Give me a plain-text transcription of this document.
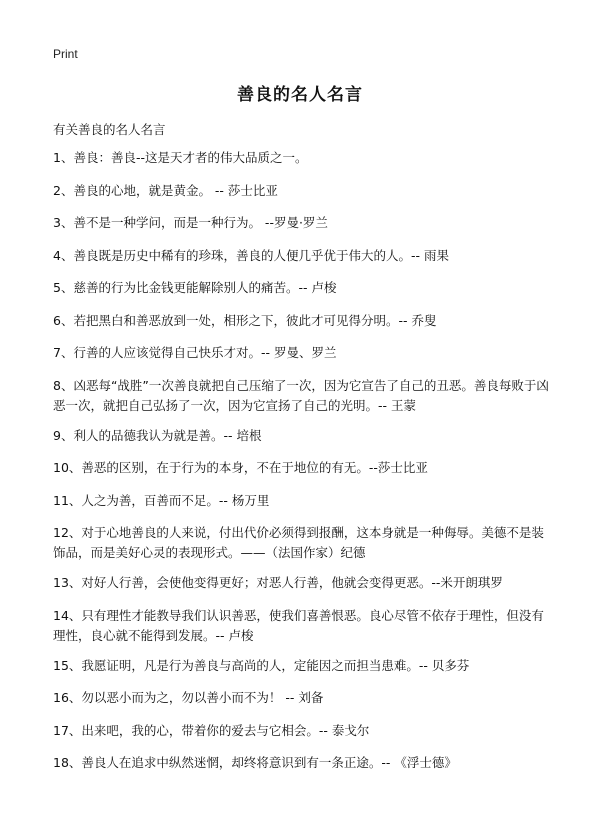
Print
善良的名人名言
有关善良的名人名言
1、善良：善良--这是天才者的伟大品质之一。
2、善良的心地，就是黄金。 -- 莎士比亚
3、善不是一种学问，而是一种行为。 --罗曼·罗兰
4、善良既是历史中稀有的珍珠，善良的人便几乎优于伟大的人。-- 雨果
5、慈善的行为比金钱更能解除别人的痛苦。-- 卢梭
6、若把黑白和善恶放到一处，相形之下，彼此才可见得分明。-- 乔叟
7、行善的人应该觉得自己快乐才对。-- 罗曼、罗兰
8、凶恶每“战胜”一次善良就把自己压缩了一次，因为它宣告了自己的丑恶。善良每败于凶恶一次，就把自己弘扬了一次，因为它宣扬了自己的光明。-- 王蒙
9、利人的品德我认为就是善。-- 培根
10、善恶的区别，在于行为的本身，不在于地位的有无。--莎士比亚
11、人之为善，百善而不足。-- 杨万里
12、对于心地善良的人来说，付出代价必须得到报酬，这本身就是一种侮辱。美德不是装饰品，而是美好心灵的表现形式。——（法国作家）纪德
13、对好人行善，会使他变得更好；对恶人行善，他就会变得更恶。--米开朗琪罗
14、只有理性才能教导我们认识善恶，使我们喜善恨恶。良心尽管不依存于理性，但没有理性，良心就不能得到发展。-- 卢梭
15、我愿证明，凡是行为善良与高尚的人，定能因之而担当患难。-- 贝多芬
16、勿以恶小而为之，勿以善小而不为！ -- 刘备
17、出来吧，我的心，带着你的爱去与它相会。-- 泰戈尔
18、善良人在追求中纵然迷惘，却终将意识到有一条正途。-- 《浮士德》
